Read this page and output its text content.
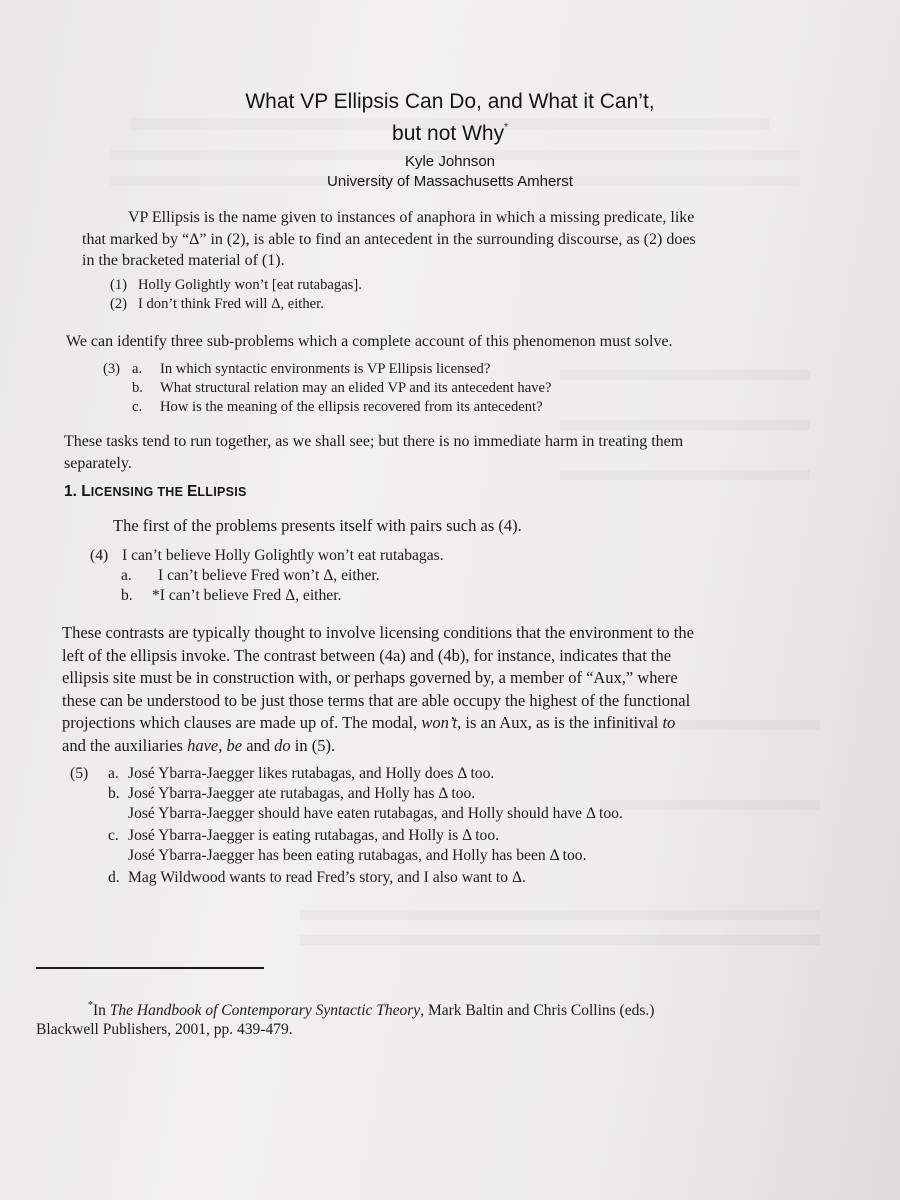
What VP Ellipsis Can Do, and What it Can’t,
but not Why*
Kyle Johnson
University of Massachusetts Amherst
VP Ellipsis is the name given to instances of anaphora in which a missing predicate, like
that marked by “Δ” in (2), is able to find an antecedent in the surrounding discourse, as (2) does
in the bracketed material of (1).
(1) Holly Golightly won’t [eat rutabagas].
(2) I don’t think Fred will Δ, either.
We can identify three sub-problems which a complete account of this phenomenon must solve.
(3) a. In which syntactic environments is VP Ellipsis licensed?
b. What structural relation may an elided VP and its antecedent have?
c. How is the meaning of the ellipsis recovered from its antecedent?
These tasks tend to run together, as we shall see; but there is no immediate harm in treating them
separately.
1. LICENSING THE ELLIPSIS
The first of the problems presents itself with pairs such as (4).
(4) I can’t believe Holly Golightly won’t eat rutabagas.
a. I can’t believe Fred won’t Δ, either.
b. *I can’t believe Fred Δ, either.
These contrasts are typically thought to involve licensing conditions that the environment to the
left of the ellipsis invoke. The contrast between (4a) and (4b), for instance, indicates that the
ellipsis site must be in construction with, or perhaps governed by, a member of “Aux,” where
these can be understood to be just those terms that are able occupy the highest of the functional
projections which clauses are made up of. The modal, won’t, is an Aux, as is the infinitival to
and the auxiliaries have, be and do in (5).
(5) a. José Ybarra-Jaegger likes rutabagas, and Holly does Δ too.
b. José Ybarra-Jaegger ate rutabagas, and Holly has Δ too.
José Ybarra-Jaegger should have eaten rutabagas, and Holly should have Δ too.
c. José Ybarra-Jaegger is eating rutabagas, and Holly is Δ too.
José Ybarra-Jaegger has been eating rutabagas, and Holly has been Δ too.
d. Mag Wildwood wants to read Fred’s story, and I also want to Δ.
*In The Handbook of Contemporary Syntactic Theory, Mark Baltin and Chris Collins (eds.)
Blackwell Publishers, 2001, pp. 439-479.
